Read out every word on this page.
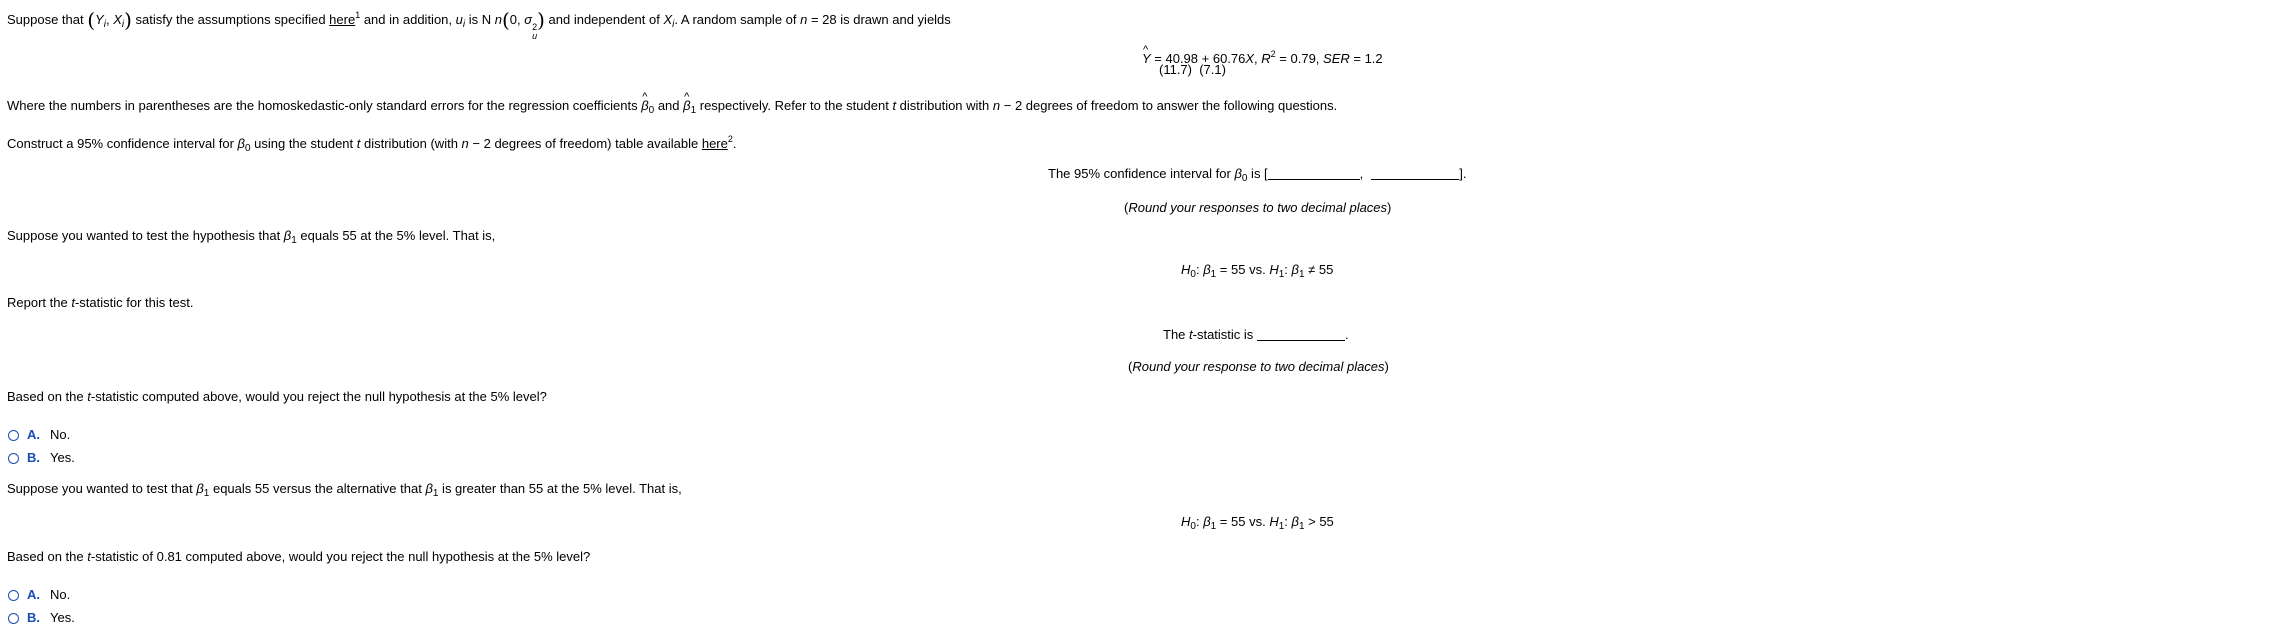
Suppose that ($Y_i$, $X_i$) satisfy the assumptions specified here$^1$ and in addition, $u_i$ is N n(0, σ 2
u
) and independent of $X_i$. A random sample of n = 28 is drawn and yields
^ Y = 40.98 + 60.76X, $R^2 = 0.79$, SER = 1.2
(11.7)  (7.1)
Where the numbers in parentheses are the homoskedastic-only standard errors for the regression coefficients ^ $\beta_0$ and ^ $\beta_1$ respectively. Refer to the student t distribution with n − 2 degrees of freedom to answer the following questions.
Construct a 95% confidence interval for $\beta_0$ using the student t distribution (with n − 2 degrees of freedom) table available here$^2$.
The 95% confidence interval for $\beta_0$ is [	,	].
(Round your responses to two decimal places)
Suppose you wanted to test the hypothesis that $\beta_1$ equals 55 at the 5% level. That is,
$H_0$: $\beta_1 = 55$ vs. $H_1$: $\beta_1 \ne 55$
Report the t-statistic for this test.
The t-statistic is	.
(Round your response to two decimal places)
Based on the t-statistic computed above, would you reject the null hypothesis at the 5% level?
A. No.
B. Yes.
Suppose you wanted to test that $\beta_1$ equals 55 versus the alternative that $\beta_1$ is greater than 55 at the 5% level. That is,
$H_0$: $\beta_1 = 55$ vs. $H_1$: $\beta_1 > 55$
Based on the t-statistic of 0.81 computed above, would you reject the null hypothesis at the 5% level?
A. No.
B. Yes.
